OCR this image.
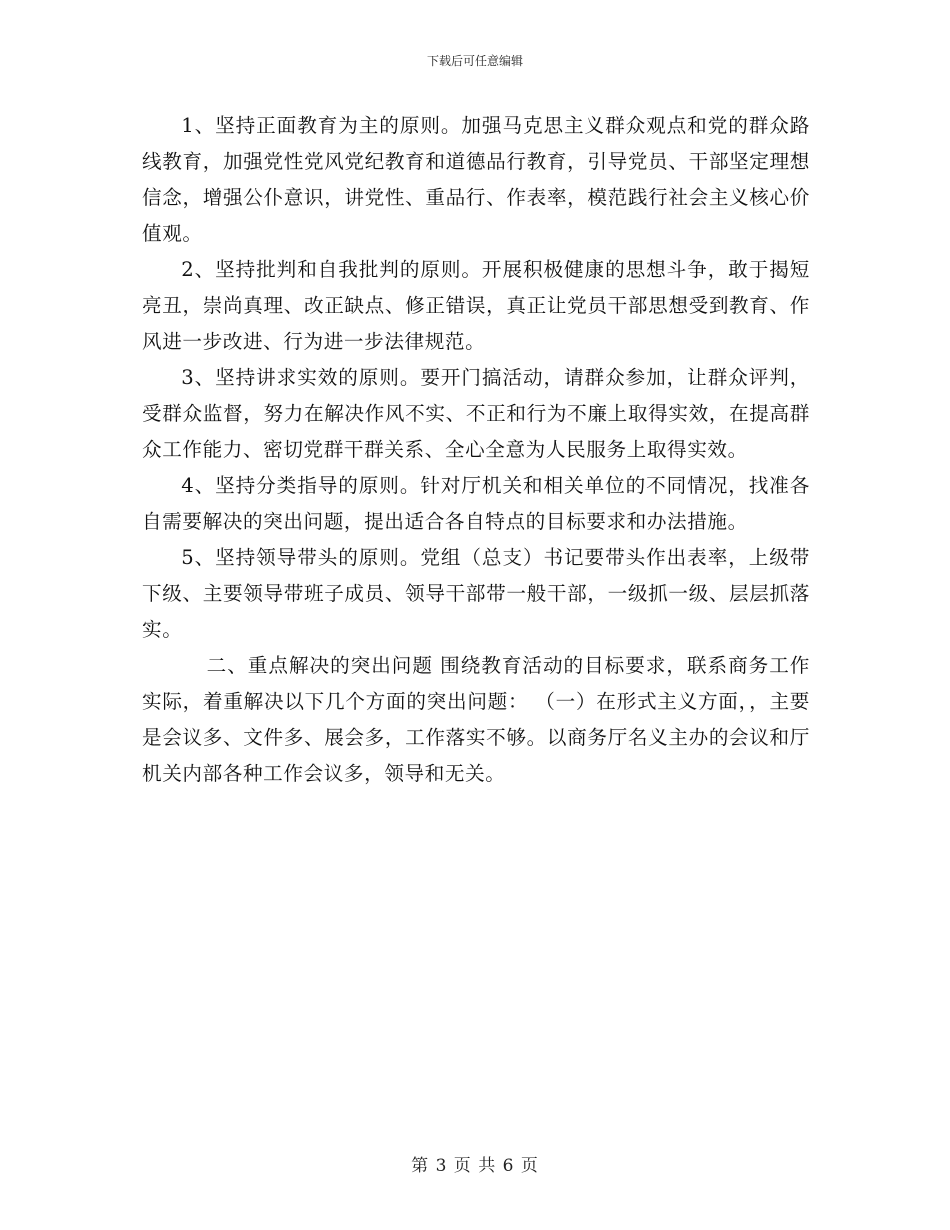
下载后可任意编辑

1、坚持正面教育为主的原则。加强马克思主义群众观点和党的群众路线教育，加强党性党风党纪教育和道德品行教育，引导党员、干部坚定理想信念，增强公仆意识，讲党性、重品行、作表率，模范践行社会主义核心价值观。

2、坚持批判和自我批判的原则。开展积极健康的思想斗争，敢于揭短亮丑，崇尚真理、改正缺点、修正错误，真正让党员干部思想受到教育、作风进一步改进、行为进一步法律规范。

3、坚持讲求实效的原则。要开门搞活动，请群众参加，让群众评判，受群众监督，努力在解决作风不实、不正和行为不廉上取得实效，在提高群众工作能力、密切党群干群关系、全心全意为人民服务上取得实效。

4、坚持分类指导的原则。针对厅机关和相关单位的不同情况，找准各自需要解决的突出问题，提出适合各自特点的目标要求和办法措施。

5、坚持领导带头的原则。党组（总支）书记要带头作出表率，上级带下级、主要领导带班子成员、领导干部带一般干部，一级抓一级、层层抓落实。

二、重点解决的突出问题 围绕教育活动的目标要求，联系商务工作实际，着重解决以下几个方面的突出问题： （一）在形式主义方面，，主要是会议多、文件多、展会多，工作落实不够。以商务厅名义主办的会议和厅机关内部各种工作会议多，领导和无关。

第 3 页 共 6 页
